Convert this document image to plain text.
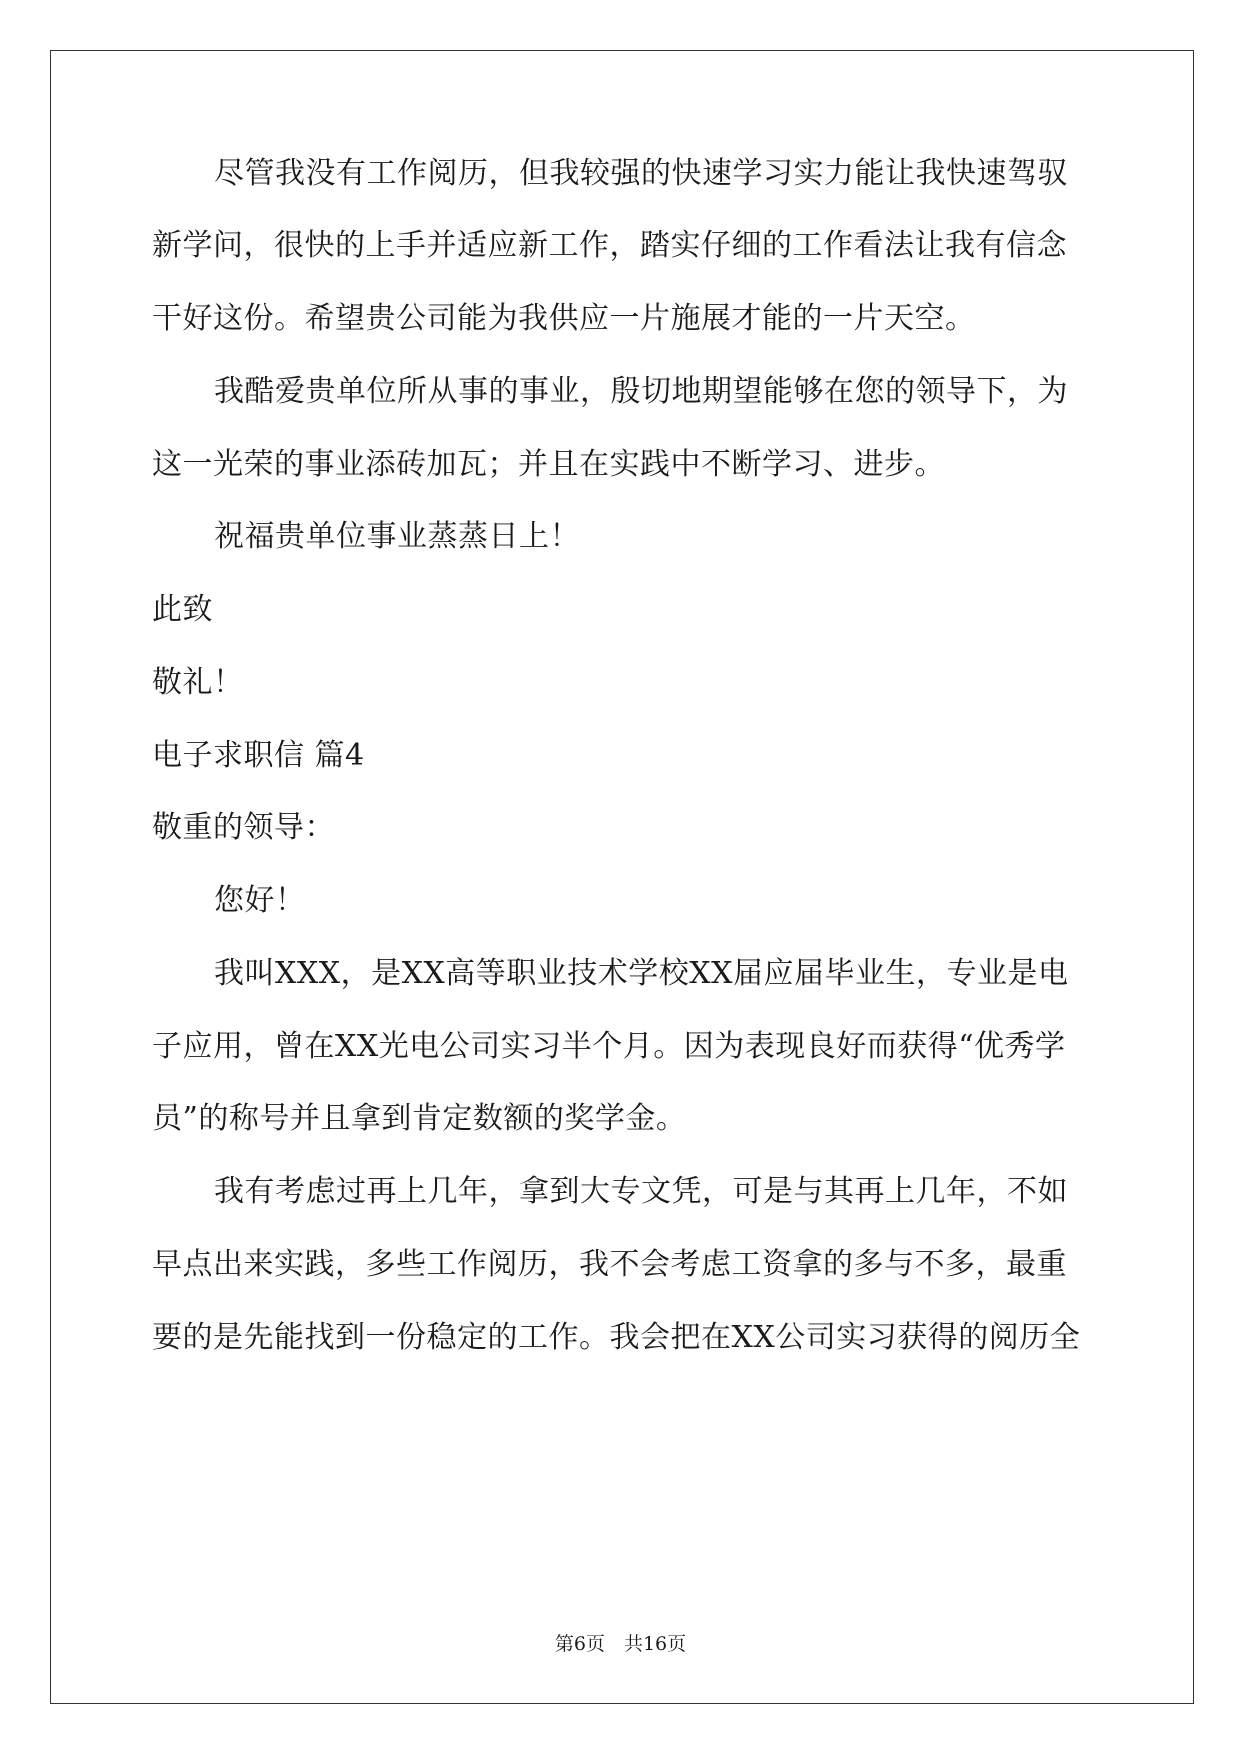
尽管我没有工作阅历，但我较强的快速学习实力能让我快速驾驭
新学问，很快的上手并适应新工作，踏实仔细的工作看法让我有信念
干好这份。希望贵公司能为我供应一片施展才能的一片天空。
我酷爱贵单位所从事的事业，殷切地期望能够在您的领导下，为
这一光荣的事业添砖加瓦；并且在实践中不断学习、进步。
祝福贵单位事业蒸蒸日上！
此致
敬礼！
电子求职信 篇4
敬重的领导：
您好！
我叫XXX，是XX高等职业技术学校XX届应届毕业生，专业是电
子应用，曾在XX光电公司实习半个月。因为表现良好而获得“优秀学
员”的称号并且拿到肯定数额的奖学金。
我有考虑过再上几年，拿到大专文凭，可是与其再上几年，不如
早点出来实践，多些工作阅历，我不会考虑工资拿的多与不多，最重
要的是先能找到一份稳定的工作。我会把在XX公司实习获得的阅历全
第6页　共16页
